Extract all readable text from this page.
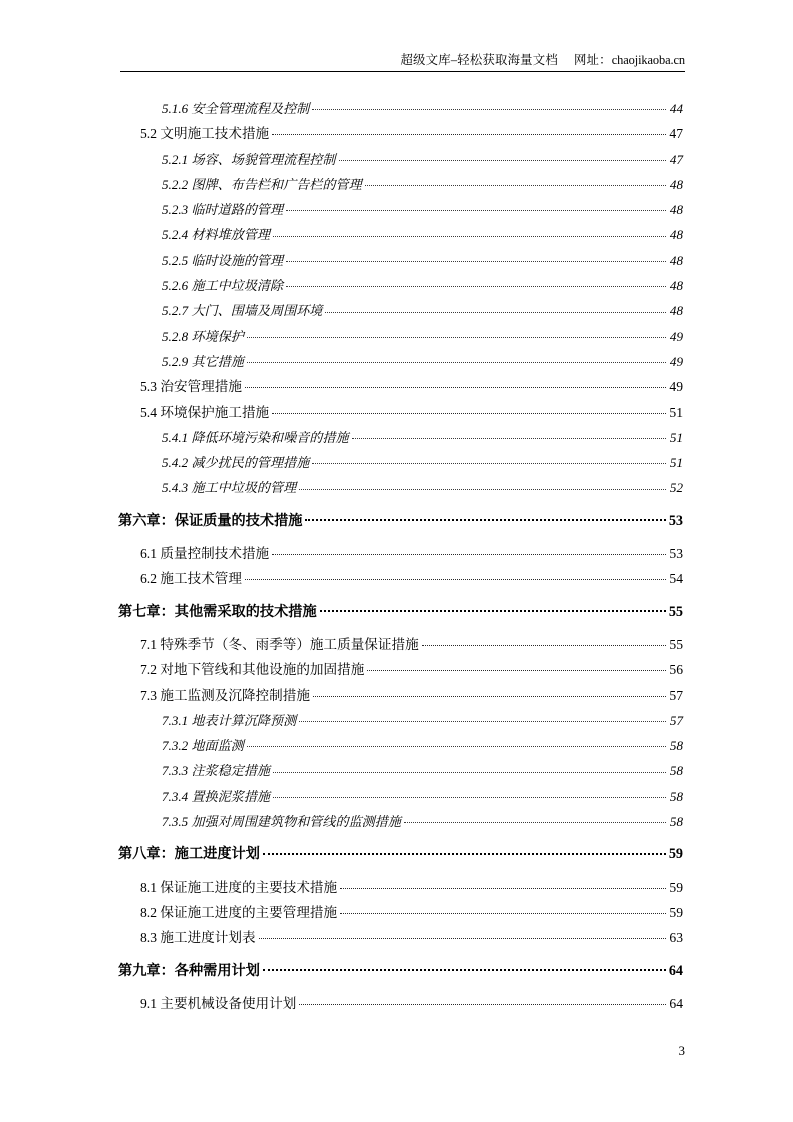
超级文库–轻松获取海量文档 网址：chaojikaoba.cn
5.1.6 安全管理流程及控制	44
5.2 文明施工技术措施	47
5.2.1 场容、场貌管理流程控制	47
5.2.2 图牌、布告栏和广告栏的管理	48
5.2.3 临时道路的管理	48
5.2.4 材料堆放管理	48
5.2.5 临时设施的管理	48
5.2.6 施工中垃圾清除	48
5.2.7 大门、围墙及周围环境	48
5.2.8 环境保护	49
5.2.9 其它措施	49
5.3 治安管理措施	49
5.4 环境保护施工措施	51
5.4.1 降低环境污染和噪音的措施	51
5.4.2 减少扰民的管理措施	51
5.4.3 施工中垃圾的管理	52
第六章：保证质量的技术措施	53
6.1 质量控制技术措施	53
6.2 施工技术管理	54
第七章：其他需采取的技术措施	55
7.1 特殊季节（冬、雨季等）施工质量保证措施	55
7.2 对地下管线和其他设施的加固措施	56
7.3 施工监测及沉降控制措施	57
7.3.1 地表计算沉降预测	57
7.3.2 地面监测	58
7.3.3 注浆稳定措施	58
7.3.4 置换泥浆措施	58
7.3.5 加强对周围建筑物和管线的监测措施	58
第八章：施工进度计划	59
8.1 保证施工进度的主要技术措施	59
8.2 保证施工进度的主要管理措施	59
8.3 施工进度计划表	63
第九章：各种需用计划	64
9.1 主要机械设备使用计划	64
3
